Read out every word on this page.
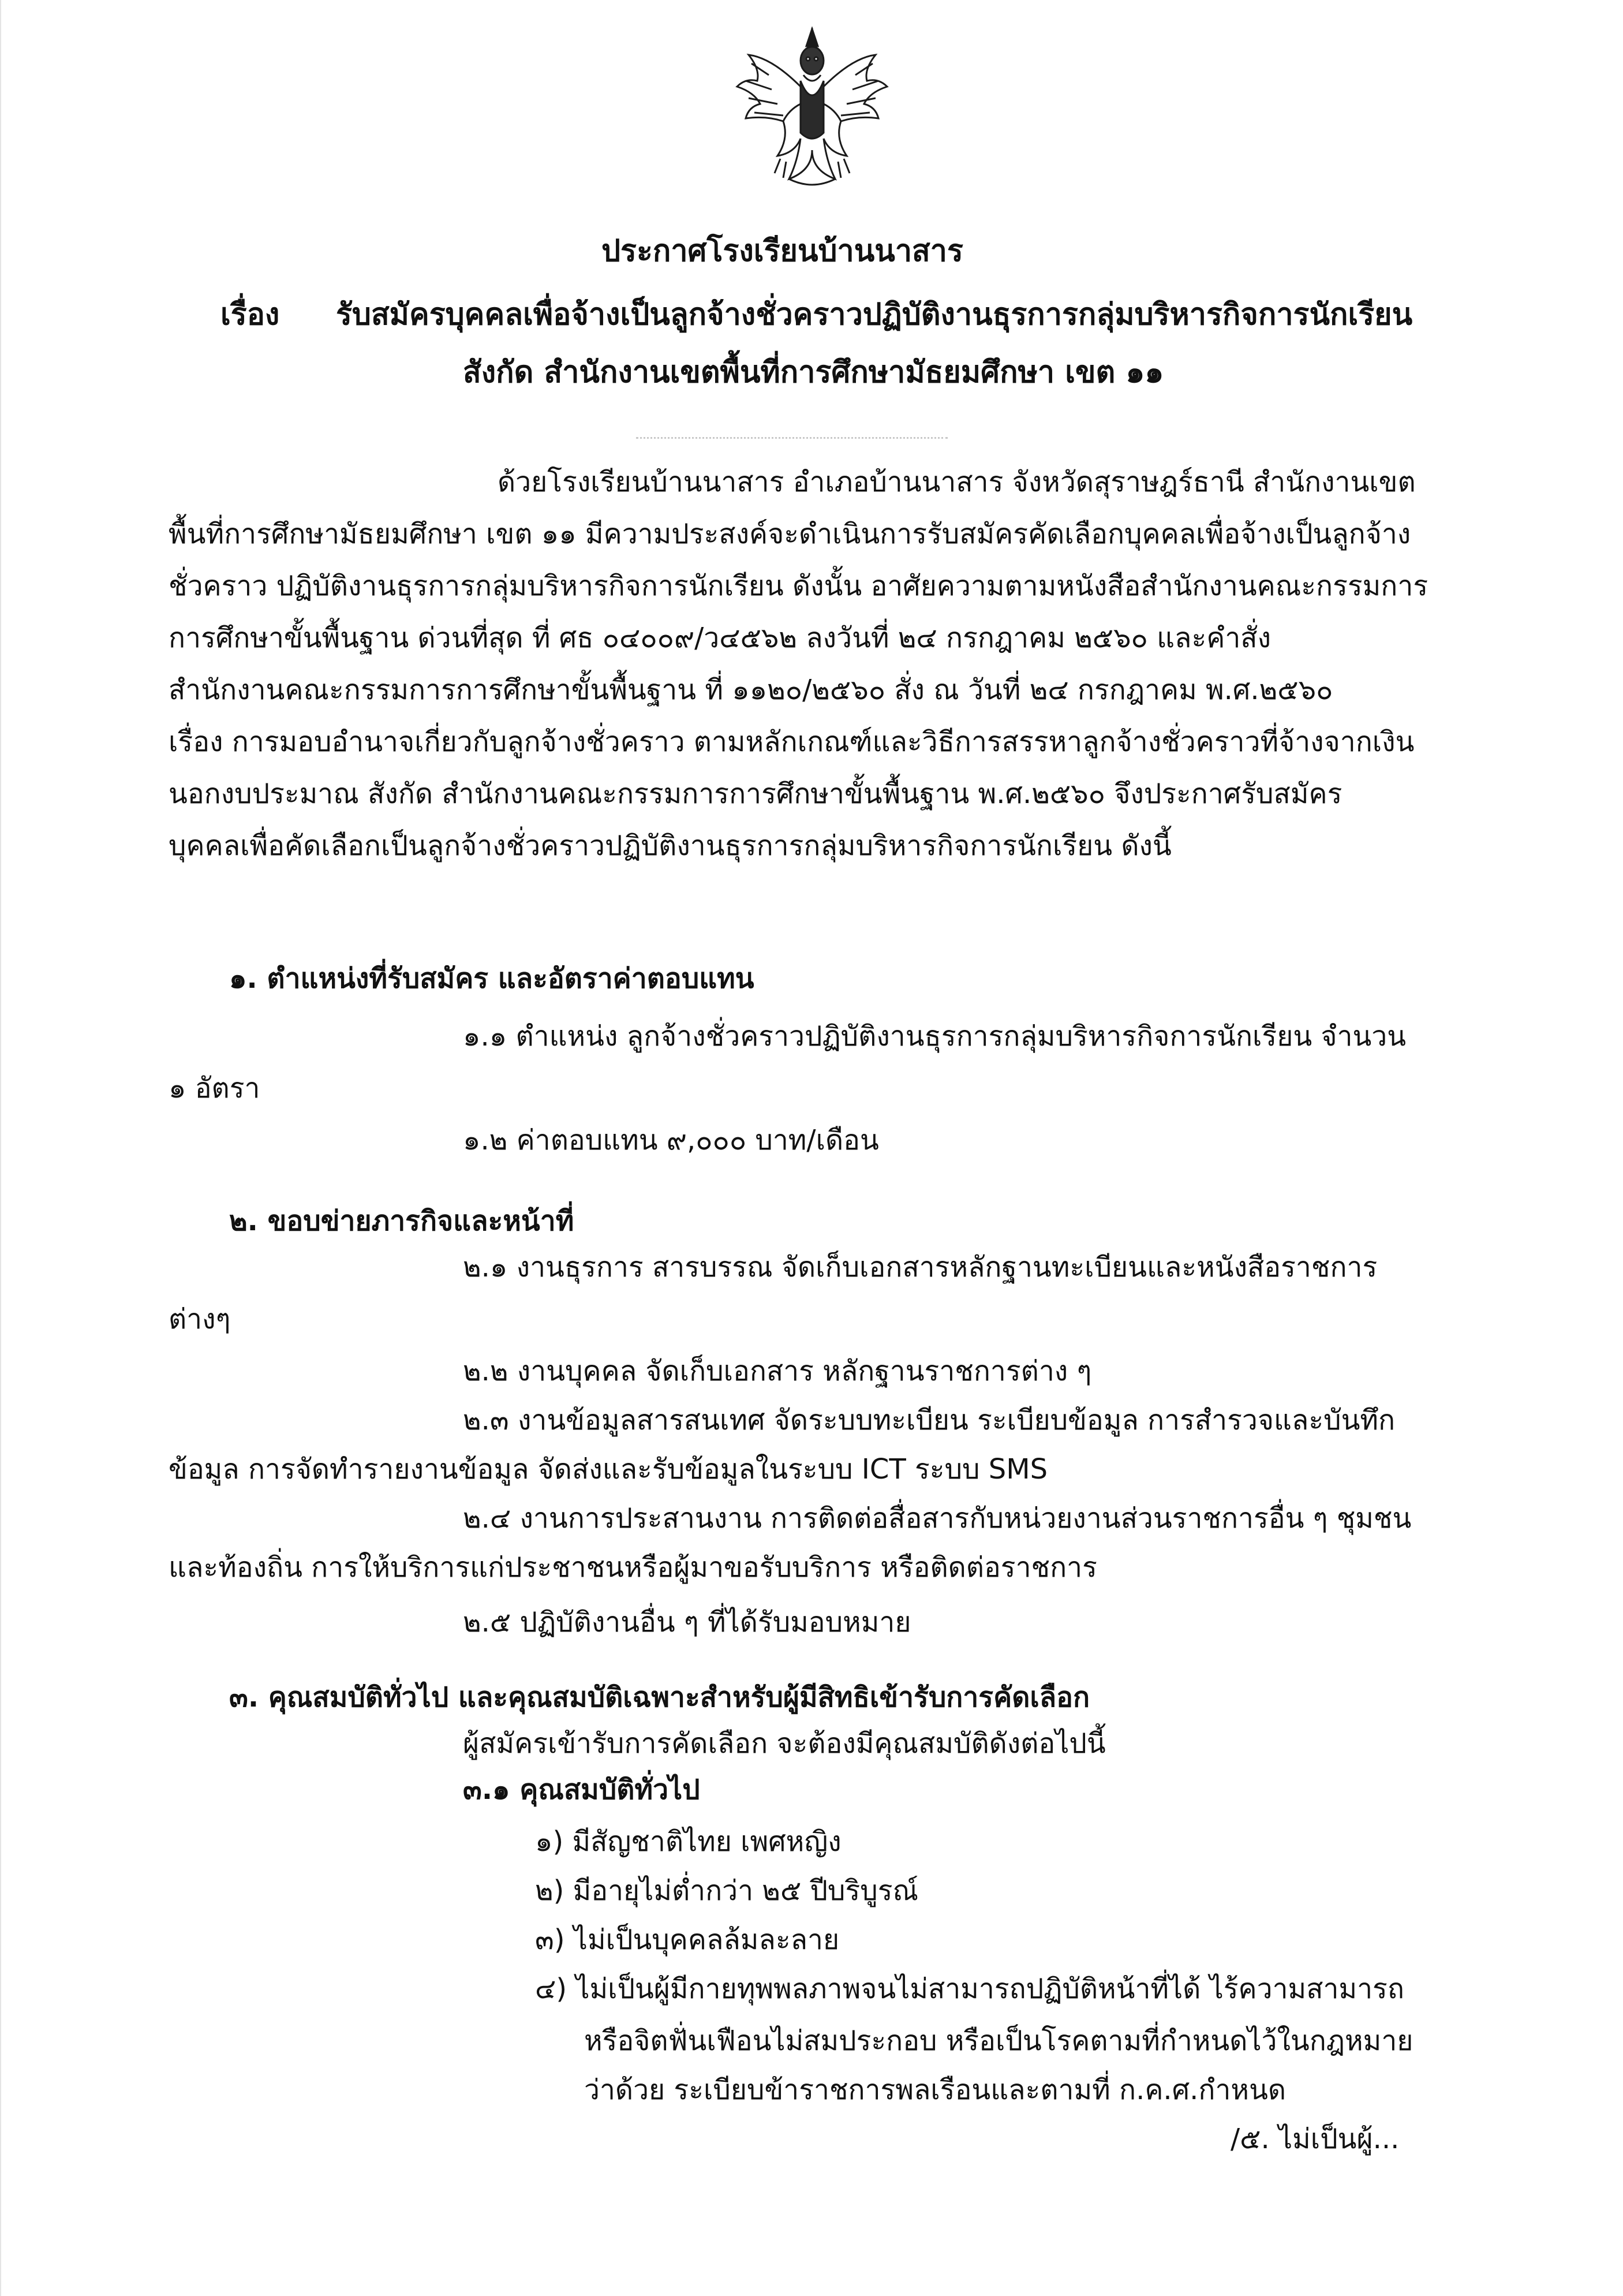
ประกาศโรงเรียนบ้านนาสาร
เรื่อง รับสมัครบุคคลเพื่อจ้างเป็นลูกจ้างชั่วคราวปฏิบัติงานธุรการกลุ่มบริหารกิจการนักเรียน
สังกัด สำนักงานเขตพื้นที่การศึกษามัธยมศึกษา เขต ๑๑
ด้วยโรงเรียนบ้านนาสาร อำเภอบ้านนาสาร จังหวัดสุราษฎร์ธานี สำนักงานเขต
พื้นที่การศึกษามัธยมศึกษา เขต ๑๑ มีความประสงค์จะดำเนินการรับสมัครคัดเลือกบุคคลเพื่อจ้างเป็นลูกจ้าง
ชั่วคราว ปฏิบัติงานธุรการกลุ่มบริหารกิจการนักเรียน ดังนั้น อาศัยความตามหนังสือสำนักงานคณะกรรมการ
การศึกษาขั้นพื้นฐาน ด่วนที่สุด ที่ ศธ ๐๔๐๐๙/ว๔๕๖๒ ลงวันที่ ๒๔ กรกฎาคม ๒๕๖๐ และคำสั่ง
สำนักงานคณะกรรมการการศึกษาขั้นพื้นฐาน ที่ ๑๑๒๐/๒๕๖๐ สั่ง ณ วันที่ ๒๔ กรกฎาคม พ.ศ.๒๕๖๐
เรื่อง การมอบอำนาจเกี่ยวกับลูกจ้างชั่วคราว ตามหลักเกณฑ์และวิธีการสรรหาลูกจ้างชั่วคราวที่จ้างจากเงิน
นอกงบประมาณ สังกัด สำนักงานคณะกรรมการการศึกษาขั้นพื้นฐาน พ.ศ.๒๕๖๐ จึงประกาศรับสมัคร
บุคคลเพื่อคัดเลือกเป็นลูกจ้างชั่วคราวปฏิบัติงานธุรการกลุ่มบริหารกิจการนักเรียน ดังนี้
๑. ตำแหน่งที่รับสมัคร และอัตราค่าตอบแทน
๑.๑ ตำแหน่ง ลูกจ้างชั่วคราวปฏิบัติงานธุรการกลุ่มบริหารกิจการนักเรียน จำนวน
๑ อัตรา
๑.๒ ค่าตอบแทน ๙,๐๐๐ บาท/เดือน
๒. ขอบข่ายภารกิจและหน้าที่
๒.๑ งานธุรการ สารบรรณ จัดเก็บเอกสารหลักฐานทะเบียนและหนังสือราชการ
ต่างๆ
๒.๒ งานบุคคล จัดเก็บเอกสาร หลักฐานราชการต่าง ๆ
๒.๓ งานข้อมูลสารสนเทศ จัดระบบทะเบียน ระเบียบข้อมูล การสำรวจและบันทึก
ข้อมูล การจัดทำรายงานข้อมูล จัดส่งและรับข้อมูลในระบบ ICT ระบบ SMS
๒.๔ งานการประสานงาน การติดต่อสื่อสารกับหน่วยงานส่วนราชการอื่น ๆ ชุมชน
และท้องถิ่น การให้บริการแก่ประชาชนหรือผู้มาขอรับบริการ หรือติดต่อราชการ
๒.๕ ปฏิบัติงานอื่น ๆ ที่ได้รับมอบหมาย
๓. คุณสมบัติทั่วไป และคุณสมบัติเฉพาะสำหรับผู้มีสิทธิเข้ารับการคัดเลือก
ผู้สมัครเข้ารับการคัดเลือก จะต้องมีคุณสมบัติดังต่อไปนี้
๓.๑ คุณสมบัติทั่วไป
๑) มีสัญชาติไทย เพศหญิง
๒) มีอายุไม่ต่ำกว่า ๒๕ ปีบริบูรณ์
๓) ไม่เป็นบุคคลล้มละลาย
๔) ไม่เป็นผู้มีกายทุพพลภาพจนไม่สามารถปฏิบัติหน้าที่ได้ ไร้ความสามารถ
หรือจิตฟั่นเฟือนไม่สมประกอบ หรือเป็นโรคตามที่กำหนดไว้ในกฎหมาย
ว่าด้วย ระเบียบข้าราชการพลเรือนและตามที่ ก.ค.ศ.กำหนด
/๕. ไม่เป็นผู้...
